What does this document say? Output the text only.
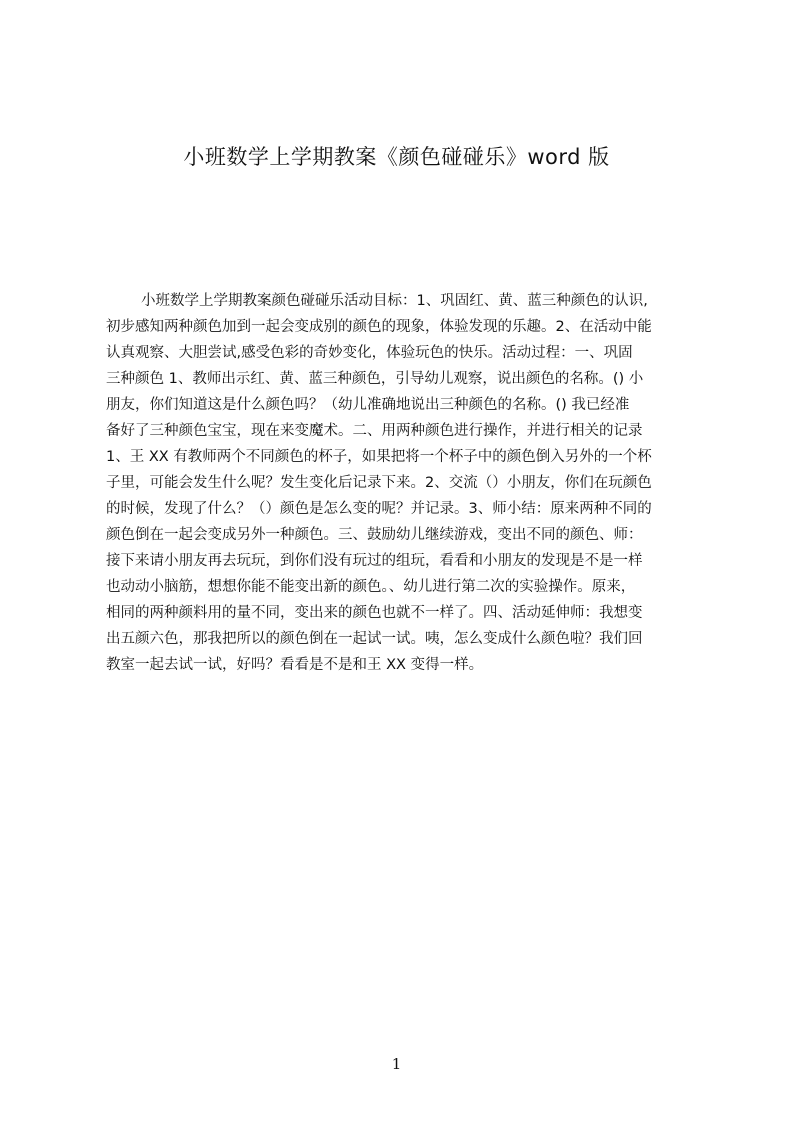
小班数学上学期教案《颜色碰碰乐》word 版
小班数学上学期教案颜色碰碰乐活动目标：1、巩固红、黄、蓝三种颜色的认识,
初步感知两种颜色加到一起会变成别的颜色的现象，体验发现的乐趣。2、在活动中能
认真观察、大胆尝试,感受色彩的奇妙变化，体验玩色的快乐。活动过程：一、巩固
三种颜色 1、教师出示红、黄、蓝三种颜色，引导幼儿观察，说出颜色的名称。() 小
朋友，你们知道这是什么颜色吗？（幼儿准确地说出三种颜色的名称。() 我已经准
备好了三种颜色宝宝，现在来变魔术。二、用两种颜色进行操作，并进行相关的记录
1、王 XX 有教师两个不同颜色的杯子，如果把将一个杯子中的颜色倒入另外的一个杯
子里，可能会发生什么呢？发生变化后记录下来。2、交流（）小朋友，你们在玩颜色
的时候，发现了什么？（）颜色是怎么变的呢？并记录。3、师小结：原来两种不同的
颜色倒在一起会变成另外一种颜色。三、鼓励幼儿继续游戏，变出不同的颜色、师：
接下来请小朋友再去玩玩，到你们没有玩过的组玩，看看和小朋友的发现是不是一样
也动动小脑筋，想想你能不能变出新的颜色。、幼儿进行第二次的实验操作。原来，
相同的两种颜料用的量不同，变出来的颜色也就不一样了。四、活动延伸师：我想变
出五颜六色，那我把所以的颜色倒在一起试一试。咦，怎么变成什么颜色啦？我们回
教室一起去试一试，好吗？看看是不是和王 XX 变得一样。
1
